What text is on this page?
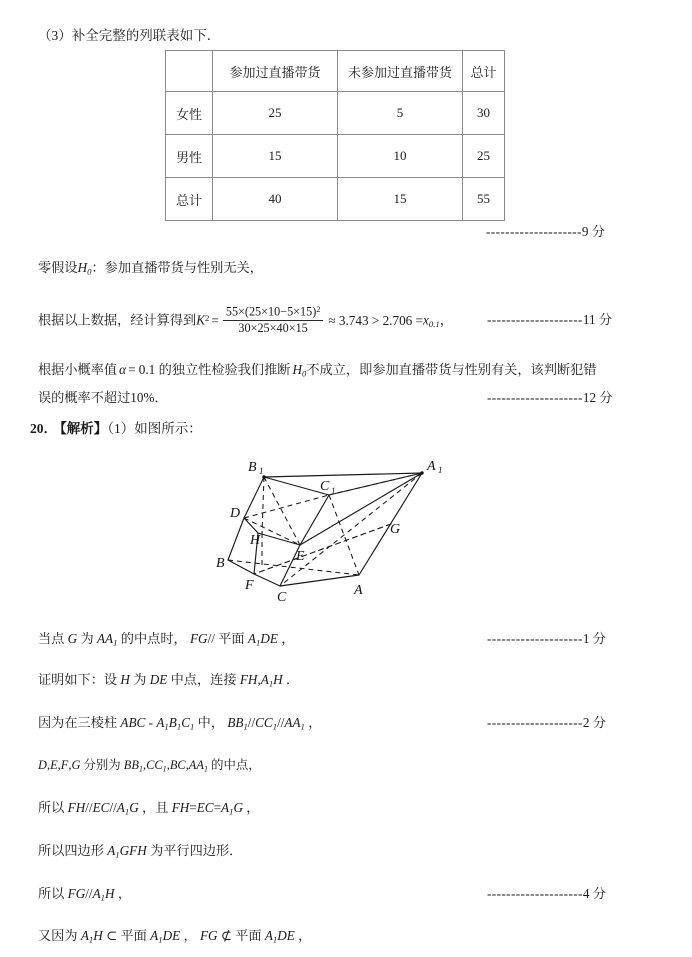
（3）补全完整的列联表如下．
	参加过直播带货	未参加过直播带货	总计
女性	25	5	30
男性	15	10	25
总计	40	15	55
--------------------9 分
零假设$H_0$：参加直播带货与性别无关，
根据以上数据，经计算得到$K^2 = \frac{55\times(25\times 10-5\times 15)^2}{30\times 25\times 40\times 15} \approx 3.743 > 2.706 =x_{0.1}$，	--------------------11 分
根据小概率值 α = 0.1 的独立性检验我们推断 $H_0$不成立，即参加直播带货与性别有关，该判断犯错
误的概率不超过10%．	--------------------12 分
20． 【解析】（1）如图所示：
B 1	A 1
C 1
D
G
H
E
B
F
C	A
当点 G 为 $AA_1$ 的中点时， FG// 平面 $A_1DE$ ，	--------------------1 分
证明如下：设 H 为 DE 中点，连接 $FH,A_1H$ ．
因为在三棱柱 ABC - $A_1B_1C_1$ 中， $BB_1//CC_1//AA_1$ ，	--------------------2 分
D,E,F,G 分别为 $BB_1,CC_1,BC,AA_1$ 的中点，
所以 $FH//EC//A_1G$ ，且 $FH=EC=A_1G$ ，
所以四边形 $A_1GFH$ 为平行四边形．
所以 $FG//A_1H$ ，	--------------------4 分
又因为 $A_1H$ ⊂ 平面 $A_1DE$ ， FG ⊄ 平面 $A_1DE$ ，
